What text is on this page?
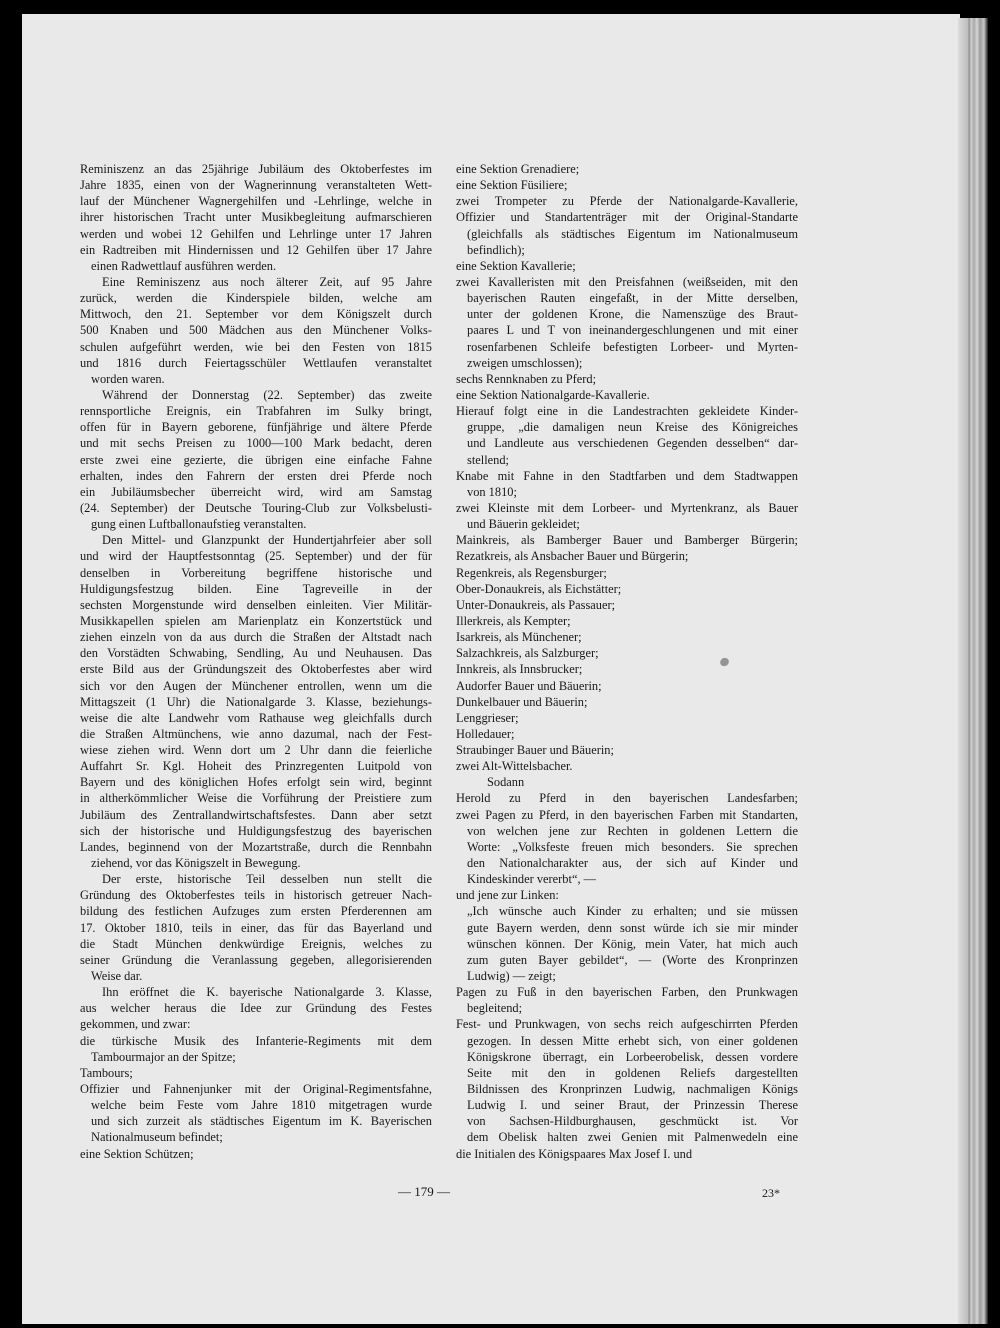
Reminiszenz an das 25jährige Jubiläum des Oktoberfestes im
Jahre 1835, einen von der Wagnerinnung veranstalteten Wett-
lauf der Münchener Wagnergehilfen und -Lehrlinge, welche in
ihrer historischen Tracht unter Musikbegleitung aufmarschieren
werden und wobei 12 Gehilfen und Lehrlinge unter 17 Jahren
ein Radtreiben mit Hindernissen und 12 Gehilfen über 17 Jahre
einen Radwettlauf ausführen werden.
Eine Reminiszenz aus noch älterer Zeit, auf 95 Jahre
zurück, werden die Kinderspiele bilden, welche am
Mittwoch, den 21. September vor dem Königszelt durch
500 Knaben und 500 Mädchen aus den Münchener Volks-
schulen aufgeführt werden, wie bei den Festen von 1815
und 1816 durch Feiertagsschüler Wettlaufen veranstaltet
worden waren.
Während der Donnerstag (22. September) das zweite
rennsportliche Ereignis, ein Trabfahren im Sulky bringt,
offen für in Bayern geborene, fünfjährige und ältere Pferde
und mit sechs Preisen zu 1000—100 Mark bedacht, deren
erste zwei eine gezierte, die übrigen eine einfache Fahne
erhalten, indes den Fahrern der ersten drei Pferde noch
ein Jubiläumsbecher überreicht wird, wird am Samstag
(24. September) der Deutsche Touring-Club zur Volksbelusti-
gung einen Luftballonaufstieg veranstalten.
Den Mittel- und Glanzpunkt der Hundertjahrfeier aber soll
und wird der Hauptfestsonntag (25. September) und der für
denselben in Vorbereitung begriffene historische und
Huldigungsfestzug bilden. Eine Tagreveille in der
sechsten Morgenstunde wird denselben einleiten. Vier Militär-
Musikkapellen spielen am Marienplatz ein Konzertstück und
ziehen einzeln von da aus durch die Straßen der Altstadt nach
den Vorstädten Schwabing, Sendling, Au und Neuhausen. Das
erste Bild aus der Gründungszeit des Oktoberfestes aber wird
sich vor den Augen der Münchener entrollen, wenn um die
Mittagszeit (1 Uhr) die Nationalgarde 3. Klasse, beziehungs-
weise die alte Landwehr vom Rathause weg gleichfalls durch
die Straßen Altmünchens, wie anno dazumal, nach der Fest-
wiese ziehen wird. Wenn dort um 2 Uhr dann die feierliche
Auffahrt Sr. Kgl. Hoheit des Prinzregenten Luitpold von
Bayern und des königlichen Hofes erfolgt sein wird, beginnt
in altherkömmlicher Weise die Vorführung der Preistiere zum
Jubiläum des Zentrallandwirtschaftsfestes. Dann aber setzt
sich der historische und Huldigungsfestzug des bayerischen
Landes, beginnend von der Mozartstraße, durch die Rennbahn
ziehend, vor das Königszelt in Bewegung.
Der erste, historische Teil desselben nun stellt die
Gründung des Oktoberfestes teils in historisch getreuer Nach-
bildung des festlichen Aufzuges zum ersten Pferderennen am
17. Oktober 1810, teils in einer, das für das Bayerland und
die Stadt München denkwürdige Ereignis, welches zu
seiner Gründung die Veranlassung gegeben, allegorisierenden
Weise dar.
Ihn eröffnet die K. bayerische Nationalgarde 3. Klasse,
aus welcher heraus die Idee zur Gründung des Festes
gekommen, und zwar:
die türkische Musik des Infanterie-Regiments mit dem
Tambourmajor an der Spitze;
Tambours;
Offizier und Fahnenjunker mit der Original-Regimentsfahne,
welche beim Feste vom Jahre 1810 mitgetragen wurde
und sich zurzeit als städtisches Eigentum im K. Bayerischen
Nationalmuseum befindet;
eine Sektion Schützen;
eine Sektion Grenadiere;
eine Sektion Füsiliere;
zwei Trompeter zu Pferde der Nationalgarde-Kavallerie,
Offizier und Standartenträger mit der Original-Standarte
(gleichfalls als städtisches Eigentum im Nationalmuseum
befindlich);
eine Sektion Kavallerie;
zwei Kavalleristen mit den Preisfahnen (weißseiden, mit den
bayerischen Rauten eingefaßt, in der Mitte derselben,
unter der goldenen Krone, die Namenszüge des Braut-
paares L und T von ineinandergeschlungenen und mit einer
rosenfarbenen Schleife befestigten Lorbeer- und Myrten-
zweigen umschlossen);
sechs Rennknaben zu Pferd;
eine Sektion Nationalgarde-Kavallerie.
Hierauf folgt eine in die Landestrachten gekleidete Kinder-
gruppe, „die damaligen neun Kreise des Königreiches
und Landleute aus verschiedenen Gegenden desselben“ dar-
stellend;
Knabe mit Fahne in den Stadtfarben und dem Stadtwappen
von 1810;
zwei Kleinste mit dem Lorbeer- und Myrtenkranz, als Bauer
und Bäuerin gekleidet;
Mainkreis, als Bamberger Bauer und Bamberger Bürgerin;
Rezatkreis, als Ansbacher Bauer und Bürgerin;
Regenkreis, als Regensburger;
Ober-Donaukreis, als Eichstätter;
Unter-Donaukreis, als Passauer;
Illerkreis, als Kempter;
Isarkreis, als Münchener;
Salzachkreis, als Salzburger;
Innkreis, als Innsbrucker;
Audorfer Bauer und Bäuerin;
Dunkelbauer und Bäuerin;
Lenggrieser;
Holledauer;
Straubinger Bauer und Bäuerin;
zwei Alt-Wittelsbacher.
Sodann
Herold zu Pferd in den bayerischen Landesfarben;
zwei Pagen zu Pferd, in den bayerischen Farben mit Standarten,
von welchen jene zur Rechten in goldenen Lettern die
Worte: „Volksfeste freuen mich besonders. Sie sprechen
den Nationalcharakter aus, der sich auf Kinder und
Kindeskinder vererbt“, —
und jene zur Linken:
„Ich wünsche auch Kinder zu erhalten; und sie müssen
gute Bayern werden, denn sonst würde ich sie mir minder
wünschen können. Der König, mein Vater, hat mich auch
zum guten Bayer gebildet“, — (Worte des Kronprinzen
Ludwig) — zeigt;
Pagen zu Fuß in den bayerischen Farben, den Prunkwagen
begleitend;
Fest- und Prunkwagen, von sechs reich aufgeschirrten Pferden
gezogen. In dessen Mitte erhebt sich, von einer goldenen
Königskrone überragt, ein Lorbeerobelisk, dessen vordere
Seite mit den in goldenen Reliefs dargestellten
Bildnissen des Kronprinzen Ludwig, nachmaligen Königs
Ludwig I. und seiner Braut, der Prinzessin Therese
von Sachsen-Hildburghausen, geschmückt ist. Vor
dem Obelisk halten zwei Genien mit Palmenwedeln eine
die Initialen des Königspaares Max Josef I. und
— 179 —	23*
